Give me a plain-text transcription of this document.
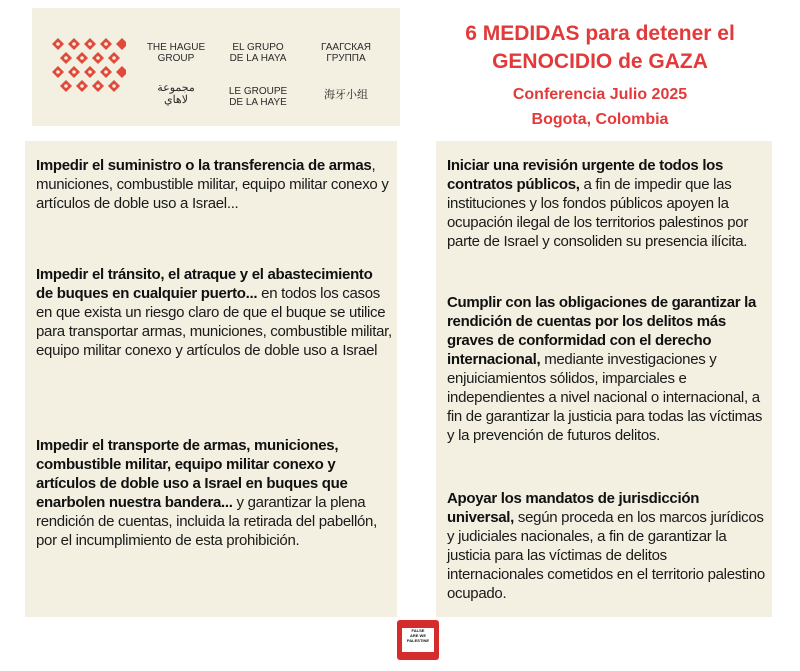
THE HAGUE
GROUP
EL GRUPO
DE LA HAYA
ГААГСКАЯ
ГРУППА
مجموعة
لاهاي
LE GROUPE
DE LA HAYE
海牙小组
6 MEDIDAS para detener el
GENOCIDIO de GAZA
Conferencia Julio 2025
Bogota, Colombia
Impedir el suministro o la transferencia de armas, municiones, combustible militar, equipo militar conexo y artículos de doble uso a Israel...
Impedir el tránsito, el atraque y el abastecimiento de buques en cualquier puerto... en todos los casos en que exista un riesgo claro de que el buque se utilice para transportar armas, municiones, combustible militar, equipo militar conexo y artículos de doble uso a Israel
Impedir el transporte de armas, municiones, combustible militar, equipo militar conexo y artículos de doble uso a Israel en buques que enarbolen nuestra bandera... y garantizar la plena rendición de cuentas, incluida la retirada del pabellón, por el incumplimiento de esta prohibición.
Iniciar una revisión urgente de todos los contratos públicos, a fin de impedir que las instituciones y los fondos públicos apoyen la ocupación ilegal de los territorios palestinos por parte de Israel y consoliden su presencia ilícita.
Cumplir con las obligaciones de garantizar la rendición de cuentas por los delitos más graves de conformidad con el derecho internacional, mediante investigaciones y enjuiciamientos sólidos, imparciales e independientes a nivel nacional o internacional, a fin de garantizar la justicia para todas las víctimas y la prevención de futuros delitos.
Apoyar los mandatos de jurisdicción universal, según proceda en los marcos jurídicos y judiciales nacionales, a fin de garantizar la justicia para las víctimas de delitos internacionales cometidos en el territorio palestino ocupado.
FALSE
ARE WE
PALESTINE
